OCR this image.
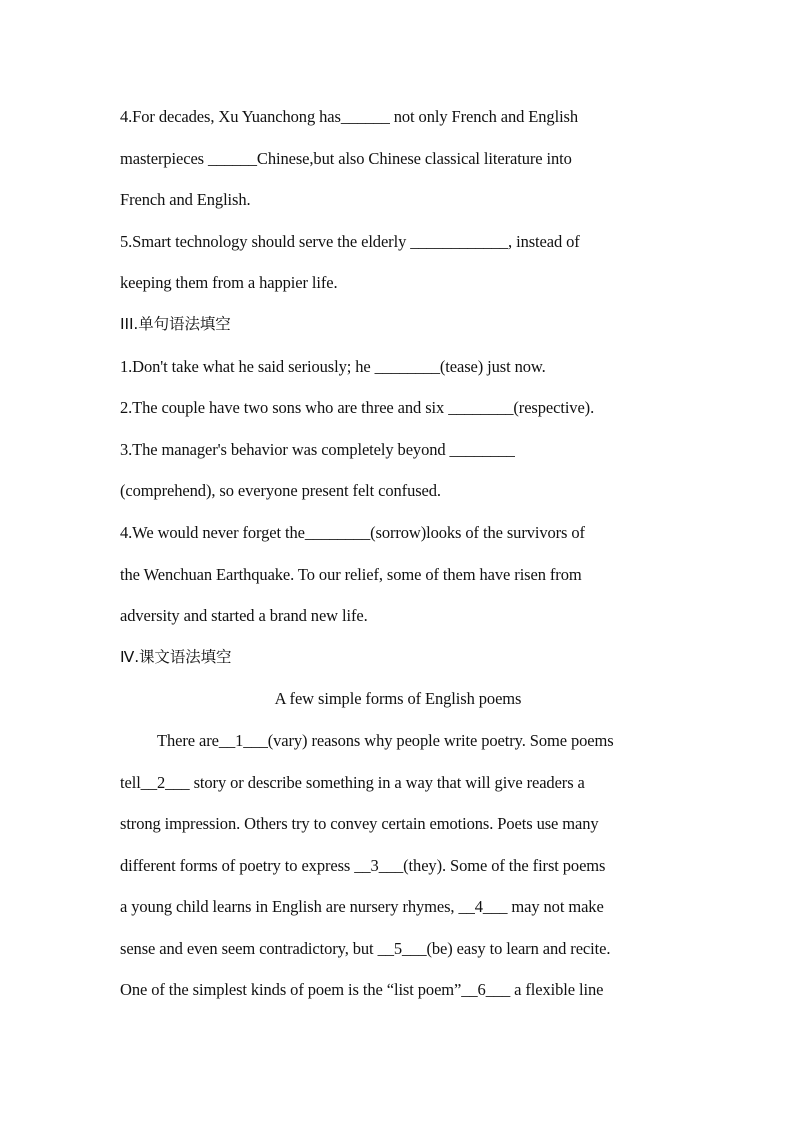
4.For decades, Xu Yuanchong has______ not only French and English
masterpieces ______Chinese,but also Chinese classical literature into
French and English.
5.Smart technology should serve the elderly ____________, instead of
keeping them from a happier life.
III.单句语法填空
1.Don't take what he said seriously; he ________(tease) just now.
2.The couple have two sons who are three and six ________(respective).
3.The manager's behavior was completely beyond ________
(comprehend), so everyone present felt confused.
4.We would never forget the________(sorrow)looks of the survivors of
the Wenchuan Earthquake. To our relief, some of them have risen from
adversity and started a brand new life.
Ⅳ.课文语法填空
A few simple forms of English poems
There are__1___(vary) reasons why people write poetry. Some poems
tell__2___ story or describe something in a way that will give readers a
strong impression. Others try to convey certain emotions. Poets use many
different forms of poetry to express __3___(they). Some of the first poems
a young child learns in English are nursery rhymes, __4___ may not make
sense and even seem contradictory, but __5___(be) easy to learn and recite.
One of the simplest kinds of poem is the “list poem”__6___ a flexible line
